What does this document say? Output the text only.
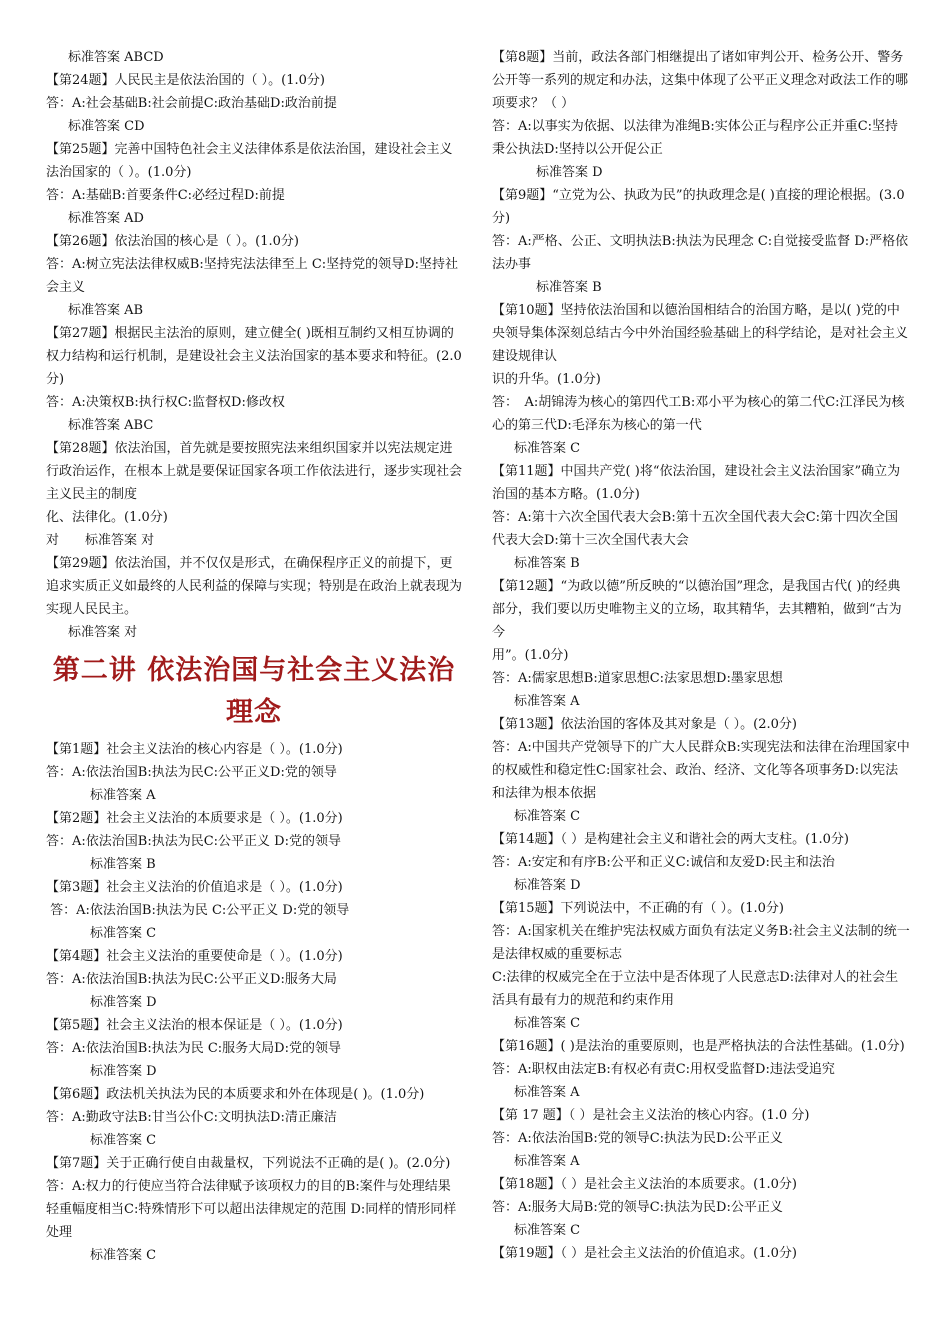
标准答案 ABCD
【第24题】人民民主是依法治国的（ ）。(1.0分)
答：A:社会基础B:社会前提C:政治基础D:政治前提
标准答案 CD
【第25题】完善中国特色社会主义法律体系是依法治国，建设社会主义法治国家的（ ）。(1.0分)
答：A:基础B:首要条件C:必经过程D:前提
标准答案 AD
【第26题】依法治国的核心是（ ）。(1.0分)
答：A:树立宪法法律权威B:坚持宪法法律至上 C:坚持党的领导D:坚持社会主义
标准答案 AB
【第27题】根据民主法治的原则，建立健全( )既相互制约又相互协调的权力结构和运行机制，是建设社会主义法治国家的基本要求和特征。(2.0分)
答：A:决策权B:执行权C:监督权D:修改权
标准答案 ABC
【第28题】依法治国，首先就是要按照宪法来组织国家并以宪法规定进行政治运作，在根本上就是要保证国家各项工作依法进行，逐步实现社会主义民主的制度
化、法律化。(1.0分)
对　　标准答案 对
【第29题】依法治国，并不仅仅是形式，在确保程序正义的前提下，更追求实质正义如最终的人民利益的保障与实现；特别是在政治上就表现为实现人民民主。
标准答案 对
第二讲 依法治国与社会主义法治理念
【第1题】社会主义法治的核心内容是（ ）。(1.0分)
答：A:依法治国B:执法为民C:公平正义D:党的领导
标准答案 A
【第2题】社会主义法治的本质要求是（ ）。(1.0分)
答：A:依法治国B:执法为民C:公平正义 D:党的领导
标准答案 B
【第3题】社会主义法治的价值追求是（ ）。(1.0分)
答：A:依法治国B:执法为民 C:公平正义 D:党的领导
标准答案 C
【第4题】社会主义法治的重要使命是（ ）。(1.0分)
答：A:依法治国B:执法为民C:公平正义D:服务大局
标准答案 D
【第5题】社会主义法治的根本保证是（ ）。(1.0分)
答：A:依法治国B:执法为民 C:服务大局D:党的领导
标准答案 D
【第6题】政法机关执法为民的本质要求和外在体现是( )。(1.0分)
答：A:勤政守法B:甘当公仆C:文明执法D:清正廉洁
标准答案 C
【第7题】关于正确行使自由裁量权，下列说法不正确的是( )。(2.0分)
答：A:权力的行使应当符合法律赋予该项权力的目的B:案件与处理结果轻重幅度相当C:特殊情形下可以超出法律规定的范围 D:同样的情形同样处理
标准答案 C
【第8题】当前，政法各部门相继提出了诸如审判公开、检务公开、警务公开等一系列的规定和办法，这集中体现了公平正义理念对政法工作的哪项要求？（ ）
答：A:以事实为依据、以法律为准绳B:实体公正与程序公正并重C:坚持秉公执法D:坚持以公开促公正
标准答案 D
【第9题】“立党为公、执政为民”的执政理念是( )直接的理论根据。(3.0分)
答：A:严格、公正、文明执法B:执法为民理念 C:自觉接受监督 D:严格依法办事
标准答案 B
【第10题】坚持依法治国和以德治国相结合的治国方略，是以( )党的中央领导集体深刻总结古今中外治国经验基础上的科学结论，是对社会主义建设规律认
识的升华。(1.0分)
答：　A:胡锦涛为核心的第四代工B:邓小平为核心的第二代C:江泽民为核心的第三代D:毛泽东为核心的第一代
标准答案 C
【第11题】中国共产党( )将“依法治国，建设社会主义法治国家”确立为治国的基本方略。(1.0分)
答：A:第十六次全国代表大会B:第十五次全国代表大会C:第十四次全国代表大会D:第十三次全国代表大会
标准答案 B
【第12题】“为政以德”所反映的“以德治国”理念，是我国古代( )的经典部分，我们要以历史唯物主义的立场，取其精华，去其糟粕，做到“古为今
用”。(1.0分)
答：A:儒家思想B:道家思想C:法家思想D:墨家思想
标准答案 A
【第13题】依法治国的客体及其对象是（ ）。(2.0分)
答：A:中国共产党领导下的广大人民群众B:实现宪法和法律在治理国家中的权威性和稳定性C:国家社会、政治、经济、文化等各项事务D:以宪法和法律为根本依据
标准答案 C
【第14题】（ ）是构建社会主义和谐社会的两大支柱。(1.0分)
答：A:安定和有序B:公平和正义C:诚信和友爱D:民主和法治
标准答案 D
【第15题】下列说法中，不正确的有（ ）。(1.0分)
答：A:国家机关在维护宪法权威方面负有法定义务B:社会主义法制的统一是法律权威的重要标志
C:法律的权威完全在于立法中是否体现了人民意志D:法律对人的社会生活具有最有力的规范和约束作用
标准答案 C
【第16题】( )是法治的重要原则，也是严格执法的合法性基础。(1.0分)
答：A:职权由法定B:有权必有责C:用权受监督D:违法受追究
标准答案 A
【第 17 题】（ ）是社会主义法治的核心内容。(1.0 分)
答：A:依法治国B:党的领导C:执法为民D:公平正义
标准答案 A
【第18题】（ ）是社会主义法治的本质要求。(1.0分)
答：A:服务大局B:党的领导C:执法为民D:公平正义
标准答案 C
【第19题】（ ）是社会主义法治的价值追求。(1.0分)
